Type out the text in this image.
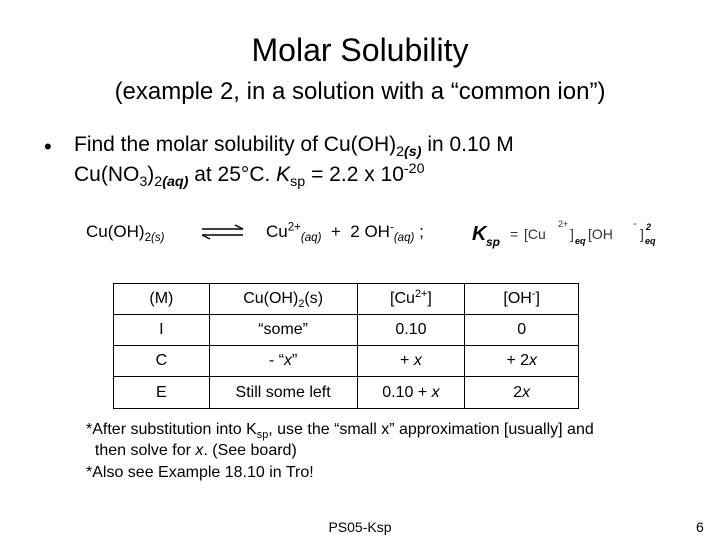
Molar Solubility
(example 2, in a solution with a “common ion”)
• Find the molar solubility of $Cu(OH)_{2(s)}$ in 0.10 M
$Cu(NO_3)_{2(aq)}$ at 25°C. $K_{sp} = 2.2$ x $10^{-20}$
$Cu(OH)_{2(s)}$ ⇌ $Cu^{2+}_{(aq)} + 2$ $OH^-_{(aq)}$ ; K sp = [Cu
2+
] eq [OH
-
] 2
eq
(M)	$Cu(OH)_2(s)$	$[Cu^{2+}]$	[OH-]
I	“some”	0.10	0
C	- “x”	+ x	+ 2x
E	Still some left	0.10 + x	2x
*After substitution into $K_{sp}$, use the “small x” approximation [usually] and
then solve for x. (See board)
*Also see Example 18.10 in Tro!
PS05-Ksp	6
